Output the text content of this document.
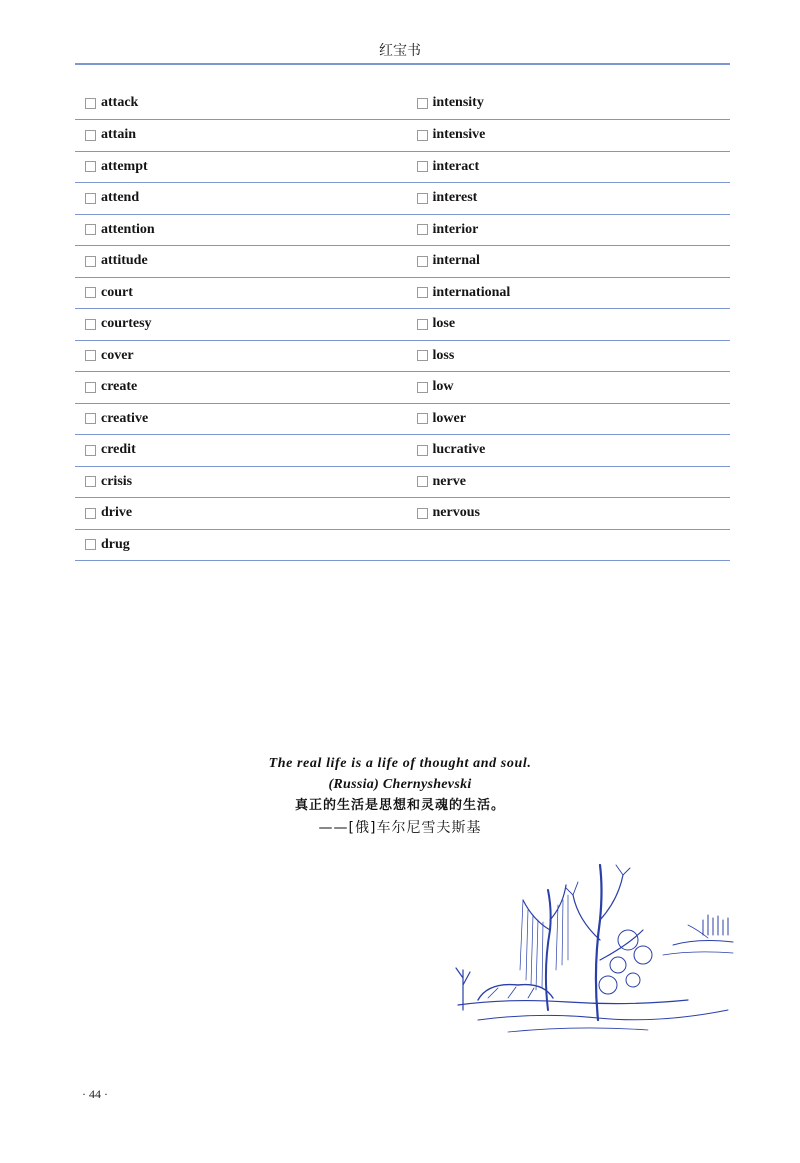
红宝书
attack	intensity
attain	intensive
attempt	interact
attend	interest
attention	interior
attitude	internal
court	international
courtesy	lose
cover	loss
create	low
creative	lower
credit	lucrative
crisis	nerve
drive	nervous
drug
The real life is a life of thought and soul.
(Russia) Chernyshevski
真正的生活是思想和灵魂的生活。
——[俄]车尔尼雪夫斯基
· 44 ·
